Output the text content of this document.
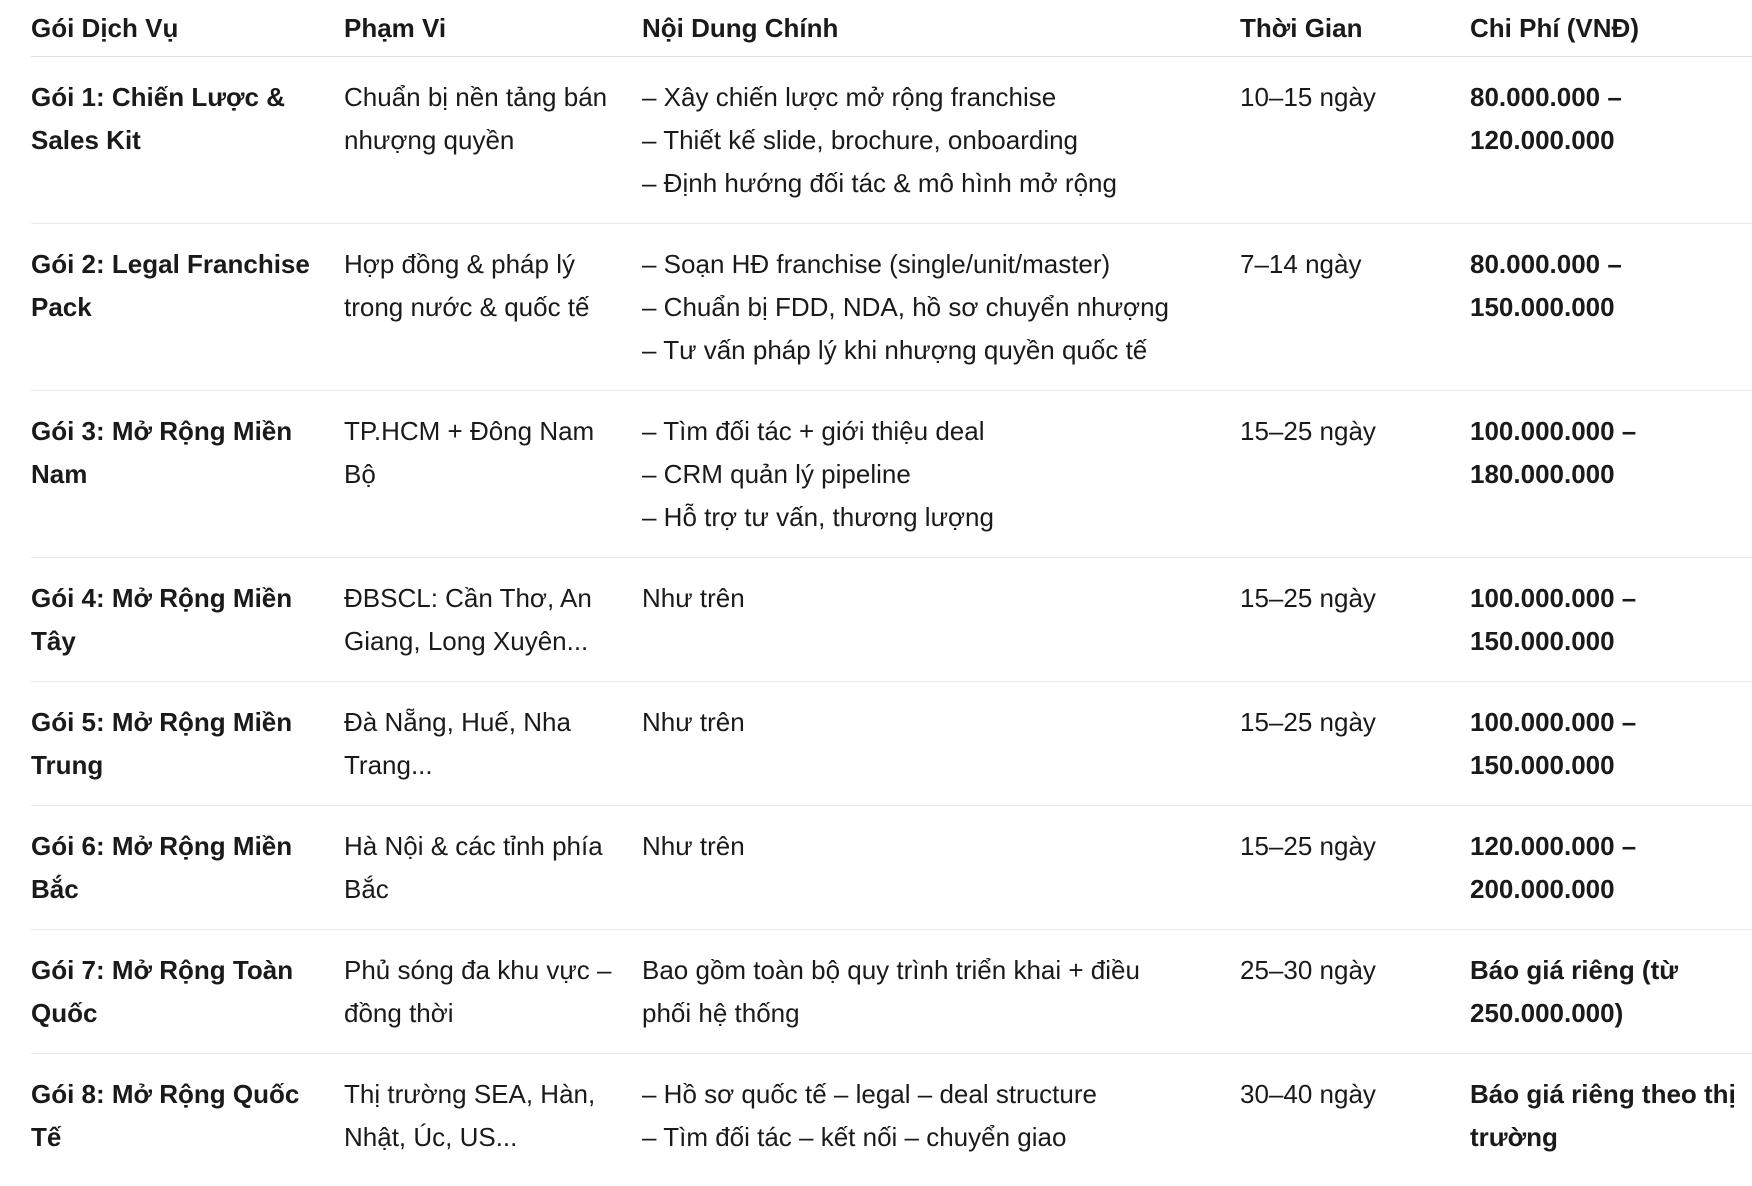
Gói Dịch Vụ	Phạm Vi	Nội Dung Chính	Thời Gian	Chi Phí (VNĐ)

Gói 1: Chiến Lược & Sales Kit	Chuẩn bị nền tảng bán nhượng quyền	– Xây chiến lược mở rộng franchise
– Thiết kế slide, brochure, onboarding
– Định hướng đối tác & mô hình mở rộng	10–15 ngày	80.000.000 – 120.000.000

Gói 2: Legal Franchise Pack	Hợp đồng & pháp lý trong nước & quốc tế	– Soạn HĐ franchise (single/unit/master)
– Chuẩn bị FDD, NDA, hồ sơ chuyển nhượng
– Tư vấn pháp lý khi nhượng quyền quốc tế	7–14 ngày	80.000.000 – 150.000.000

Gói 3: Mở Rộng Miền Nam	TP.HCM + Đông Nam Bộ	– Tìm đối tác + giới thiệu deal
– CRM quản lý pipeline
– Hỗ trợ tư vấn, thương lượng	15–25 ngày	100.000.000 – 180.000.000

Gói 4: Mở Rộng Miền Tây	ĐBSCL: Cần Thơ, An Giang, Long Xuyên...	Như trên	15–25 ngày	100.000.000 – 150.000.000

Gói 5: Mở Rộng Miền Trung	Đà Nẵng, Huế, Nha Trang...	Như trên	15–25 ngày	100.000.000 – 150.000.000

Gói 6: Mở Rộng Miền Bắc	Hà Nội & các tỉnh phía Bắc	Như trên	15–25 ngày	120.000.000 – 200.000.000

Gói 7: Mở Rộng Toàn Quốc	Phủ sóng đa khu vực – đồng thời	Bao gồm toàn bộ quy trình triển khai + điều
phối hệ thống	25–30 ngày	Báo giá riêng (từ 250.000.000)

Gói 8: Mở Rộng Quốc Tế	Thị trường SEA, Hàn, Nhật, Úc, US...	– Hồ sơ quốc tế – legal – deal structure
– Tìm đối tác – kết nối – chuyển giao	30–40 ngày	Báo giá riêng theo thị trường
